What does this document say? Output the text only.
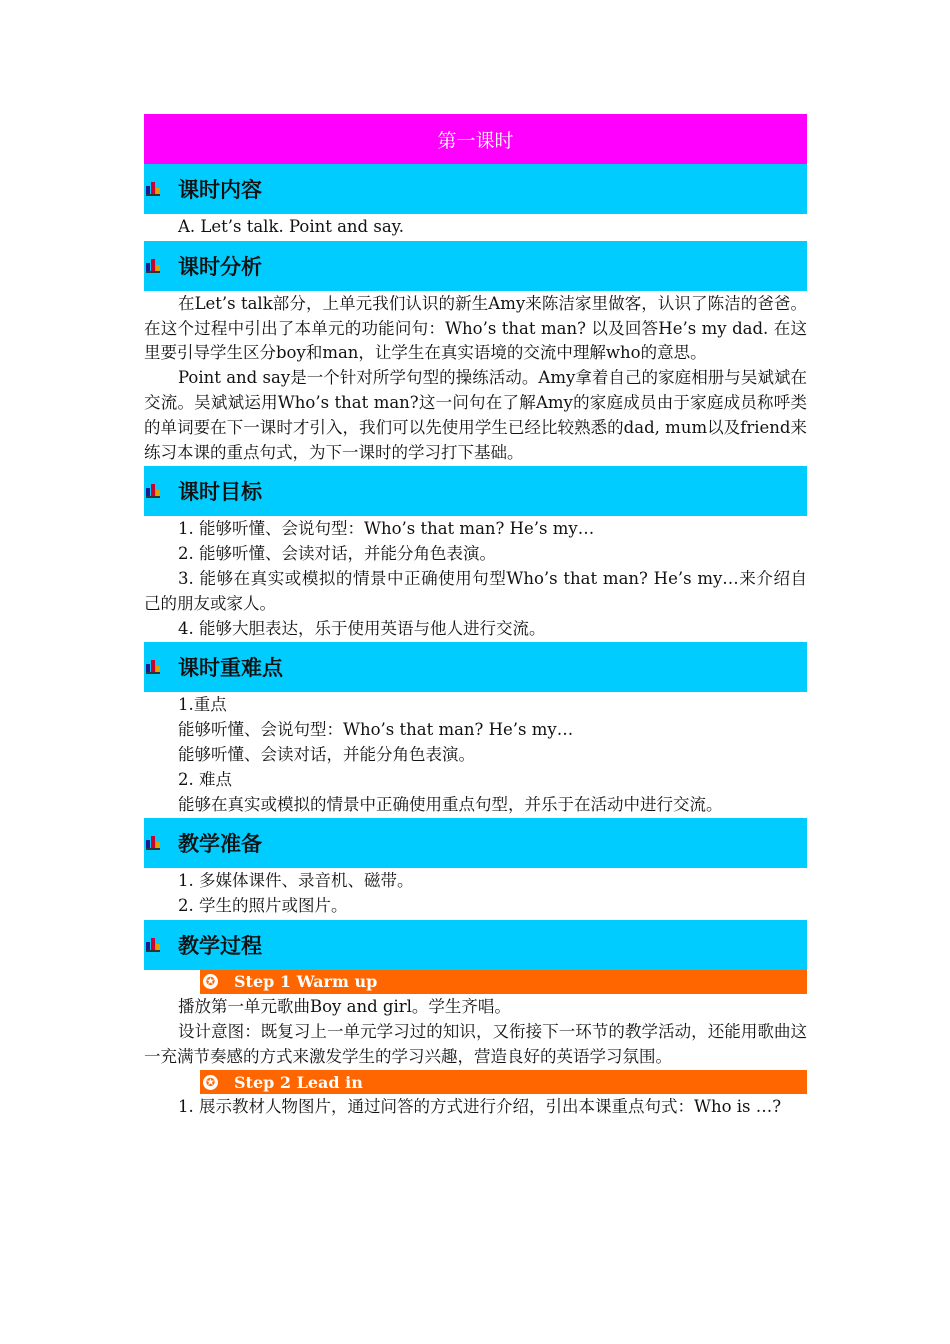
第一课时
课时内容

A. Let’s talk. Point and say.

课时分析

在Let’s talk部分，上单元我们认识的新生Amy来陈洁家里做客，认识了陈洁的爸爸。在这个过程中引出了本单元的功能问句：Who’s that man? 以及回答He’s my dad. 在这里要引导学生区分boy和man，让学生在真实语境的交流中理解who的意思。

Point and say是一个针对所学句型的操练活动。Amy拿着自己的家庭相册与吴斌斌在交流。吴斌斌运用Who’s that man?这一问句在了解Amy的家庭成员由于家庭成员称呼类的单词要在下一课时才引入，我们可以先使用学生已经比较熟悉的dad, mum以及friend来练习本课的重点句式，为下一课时的学习打下基础。

课时目标

1. 能够听懂、会说句型：Who’s that man? He’s my…

2. 能够听懂、会读对话，并能分角色表演。

3. 能够在真实或模拟的情景中正确使用句型Who’s that man? He’s my…来介绍自己的朋友或家人。

4. 能够大胆表达，乐于使用英语与他人进行交流。

课时重难点

1.重点

能够听懂、会说句型：Who’s that man? He’s my…

能够听懂、会读对话，并能分角色表演。

2. 难点

能够在真实或模拟的情景中正确使用重点句型，并乐于在活动中进行交流。

教学准备

1. 多媒体课件、录音机、磁带。

2. 学生的照片或图片。

教学过程
✪ Step 1 Warm up

播放第一单元歌曲Boy and girl。学生齐唱。

设计意图：既复习上一单元学习过的知识，又衔接下一环节的教学活动，还能用歌曲这一充满节奏感的方式来激发学生的学习兴趣，营造良好的英语学习氛围。

✪ Step 2 Lead in

1. 展示教材人物图片，通过问答的方式进行介绍，引出本课重点句式：Who is …?
